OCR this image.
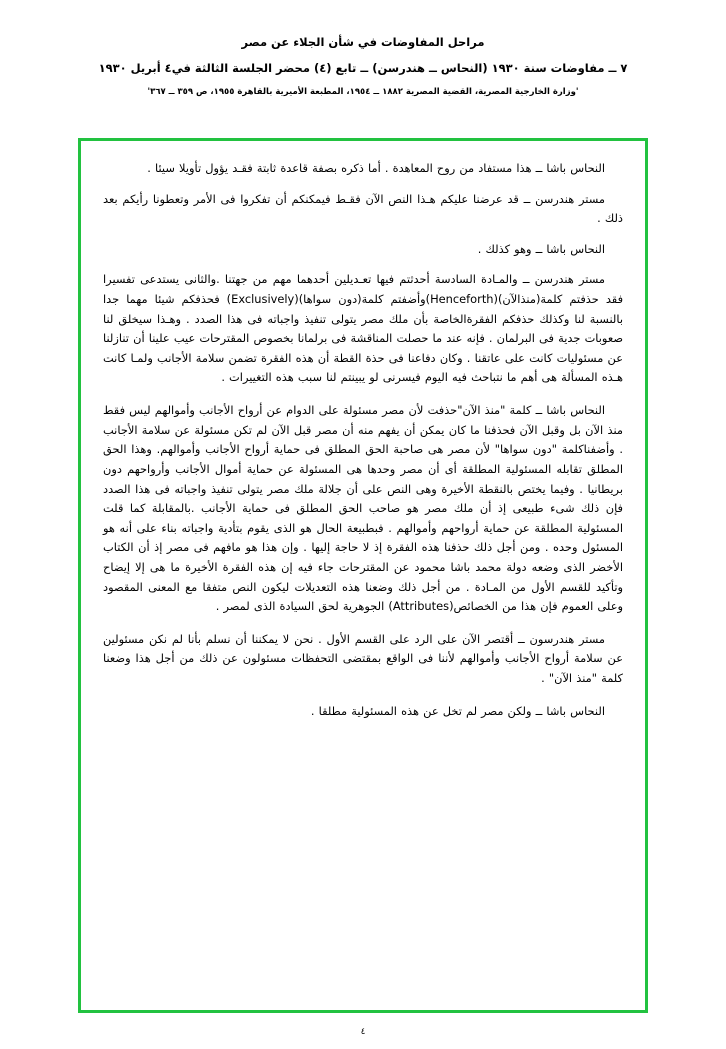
مراحل المفاوضات في شأن الجلاء عن مصر
٧ ــ مفاوضات سنة ١٩٣٠ (النحاس ــ هندرسن) ــ تابع (٤) محضر الجلسة الثالثة في٤ أبريل ١٩٣٠
'وزارة الخارجية المصرية، القضية المصرية ١٨٨٢ ــ ١٩٥٤، المطبعة الأميرية بالقاهرة ١٩٥٥، ص ٣٥٩ ــ ٣٦٧'

النحاس باشا ــ هذا مستفاد من روح المعاهدة . أما ذكره بصفة قاعدة ثابتة فقـد يؤول تأويلا سيئا .

مستر هندرسن ــ قد عرضنا عليكم هـذا النص الآن فقـط فيمكنكم أن تفكروا فى الأمر وتعطونا رأيكم بعد ذلك .

النحاس باشا ــ وهو كذلك .

مستر هندرسن ــ والمـادة السادسة أحدثتم فيها تعـديلين أحدهما مهم من جهتنا .والثانى يستدعى تفسيرا فقد حذفتم كلمة(منذالآن)(Henceforth)وأضفتم كلمة(دون سواها)(Exclusively) فحذفكم شيئا مهما جدا بالنسبة لنا وكذلك حذفكم الفقرةالخاصة بأن ملك مصر يتولى تنفيذ واجباته فى هذا الصدد . وهـذا سيخلق لنا صعوبات جدية فى البرلمان . فإنه عند ما حصلت المناقشة فى برلمانا بخصوص المقترحات عيب علينا أن تنازلنا عن مسئوليات كانت على عاتقنا . وكان دفاعنا فى حذة القطة أن هذه الفقرة تضمن سلامة الأجانب ولمـا كانت هـذه المسألة هى أهم ما نتباحث فيه اليوم فيسرنى لو يبينتم لنا سبب هذه التغييرات .

النحاس باشا ــ كلمة "منذ الآن"حذفت لأن مصر مسئولة على الدوام عن أرواح الأجانب وأموالهم ليس فقط منذ الآن بل وقبل الآن فحذفنا ما كان يمكن أن يفهم منه أن مصر قبل الآن لم تكن مسئولة عن سلامة الأجانب . وأضفناكلمة "دون سواها" لأن مصر هى صاحبة الحق المطلق فى حماية أرواح الأجانب وأموالهم. وهذا الحق المطلق تقابله المسئولية المطلقة أى أن مصر وحدها هى المسئولة عن حماية أموال الأجانب وأرواحهم دون بريطانيا . وفيما يختص بالنقطة الأخيرة وهى النص على أن جلالة ملك مصر يتولى تنفيذ واجباته فى هذا الصدد فإن ذلك شىء طبيعى إذ أن ملك مصر هو صاحب الحق المطلق فى حماية الأجانب .بالمقابلة كما قلت المسئولية المطلقة عن حماية أرواحهم وأموالهم . فبطبيعة الحال هو الذى يقوم بتأدية واجباته بناء على أنه هو المسئول وحده . ومن أجل ذلك حذفنا هذه الفقرة إذ لا حاجة إليها . وإن هذا هو مافهم فى مصر إذ أن الكتاب الأخضر الذى وضعه دولة محمد باشا محمود عن المقترحات جاء فيه إن هذه الفقرة الأخيرة ما هى إلا إيضاح وتأكيد للقسم الأول من المـادة . من أجل ذلك وضعنا هذه التعديلات ليكون النص متفقا مع المعنى المقصود وعلى العموم فإن هذا من الخصائص(Attributes) الجوهرية لحق السيادة الذى لمصر .

مستر هندرسون ــ أقتصر الآن على الرد على القسم الأول . نحن لا يمكننا أن نسلم بأنا لم نكن مسئولين عن سلامة أرواح الأجانب وأموالهم لأننا فى الواقع بمقتضى التحفظات مسئولون عن ذلك من أجل هذا وضعنا كلمة "منذ الآن" .

النحاس باشا ــ ولكن مصر لم تخل عن هذه المسئولية مطلقا .

٤
